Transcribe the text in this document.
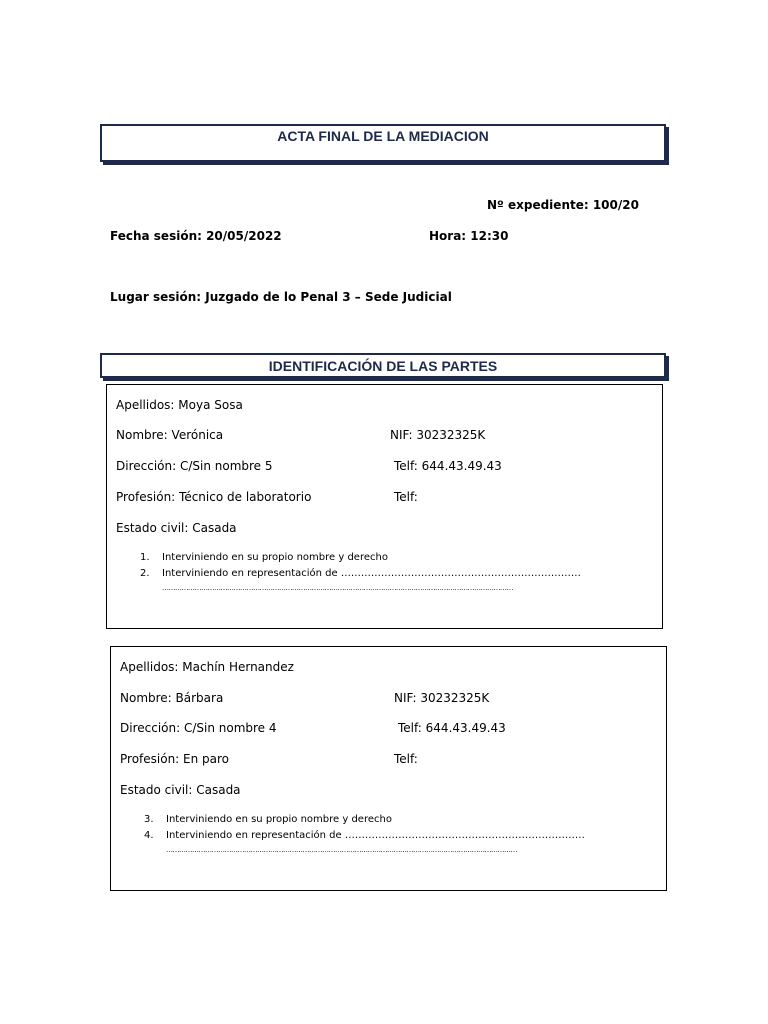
ACTA FINAL DE LA MEDIACION
Nº expediente: 100/20
Fecha sesión: 20/05/2022	Hora: 12:30
Lugar sesión: Juzgado de lo Penal 3 – Sede Judicial
IDENTIFICACIÓN DE LAS PARTES
Apellidos: Moya Sosa
Nombre: Verónica	NIF: 30232325K
Dirección: C/Sin nombre 5	Telf: 644.43.49.43
Profesión: Técnico de laboratorio	Telf:
Estado civil: Casada
1. Interviniendo en su propio nombre y derecho
2. Interviniendo en representación de ………………………………………………………………
………………………………………………………………………………………………………………………………………………
Apellidos: Machín Hernandez
Nombre: Bárbara	NIF: 30232325K
Dirección: C/Sin nombre 4	Telf: 644.43.49.43
Profesión: En paro	Telf:
Estado civil: Casada
3. Interviniendo en su propio nombre y derecho
4. Interviniendo en representación de ………………………………………………………………
………………………………………………………………………………………………………………………………………………
